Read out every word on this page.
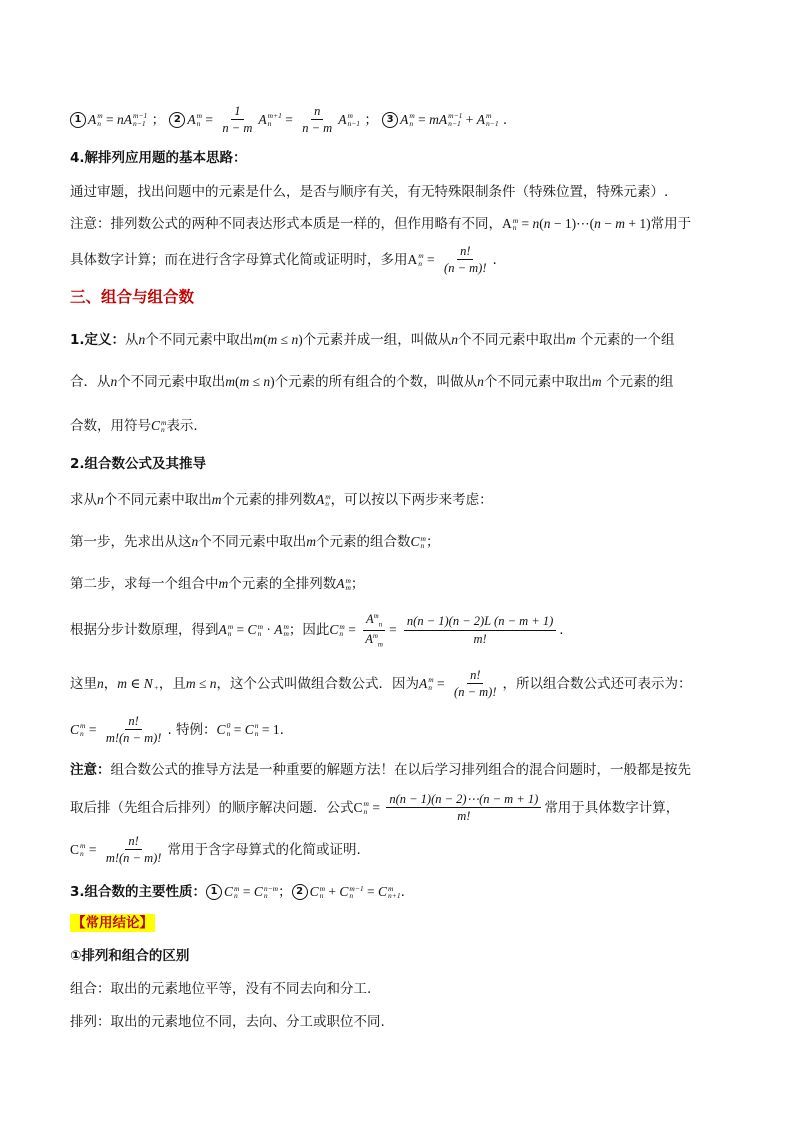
1 A m
n = nA m−1
n−1 ； 2 A m
$n = \frac{1}{n - m}$ A m+1
$n = \frac{n}{n - m}$ A m
n−1 ； 3 A m
n = mA m−1
n−1 + A m
n−1 .
4.解排列应用题的基本思路：
通过审题，找出问题中的元素是什么，是否与顺序有关，有无特殊限制条件（特殊位置，特殊元素）.
注意：排列数公式的两种不同表达形式本质是一样的，但作用略有不同，A m
n = n(n − 1)⋯(n − m + 1)常用于
具体数字计算；而在进行含字母算式化简或证明时，多用A m
$n = \frac{n!}{(n - m)!}$ .
三、组合与组合数
1.定义：从n个不同元素中取出m(m ≤ n)个元素并成一组，叫做从n个不同元素中取出m 个元素的一个组
合．从n个不同元素中取出m(m ≤ n)个元素的所有组合的个数，叫做从n个不同元素中取出m 个元素的组
合数，用符号C m
n 表示.
2.组合数公式及其推导
求从n个不同元素中取出m个元素的排列数A m
n ，可以按以下两步来考虑：
第一步，先求出从这n个不同元素中取出m个元素的组合数C m
n ；
第二步，求每一个组合中m个元素的全排列数A m
m ；
根据分步计数原理，得到A m
n = C m
n · A m
m ；因此C m
$n = \frac{A^m_n}{A^m_m} = \frac{n(n - 1)(n - 2)L (n - m + 1)}{m!}$ .
这里n，m ∈ N
+ ，且m ≤ n，这个公式叫做组合数公式．因为A m
$n = \frac{n!}{(n - m)!}$ ，所以组合数公式还可表示为：
C m
$n = \frac{n!}{m!(n - m)!}$ . 特例：C 0
n = C n
n = 1.
注意：组合数公式的推导方法是一种重要的解题方法！在以后学习排列组合的混合问题时，一般都是按先
取后排（先组合后排列）的顺序解决问题．公式C m
$n = \frac{n(n - 1)(n - 2)\cdots(n - m + 1)}{m!}$ 常用于具体数字计算，
C m
$n = \frac{n!}{m!(n - m)!}$ 常用于含字母算式的化简或证明.
3.组合数的主要性质： 1 C m
n = C n−m
n ； 2 C m
n + C m−1
n = C m
n+1 .
【常用结论】
①排列和组合的区别
组合：取出的元素地位平等，没有不同去向和分工.
排列：取出的元素地位不同，去向、分工或职位不同.
